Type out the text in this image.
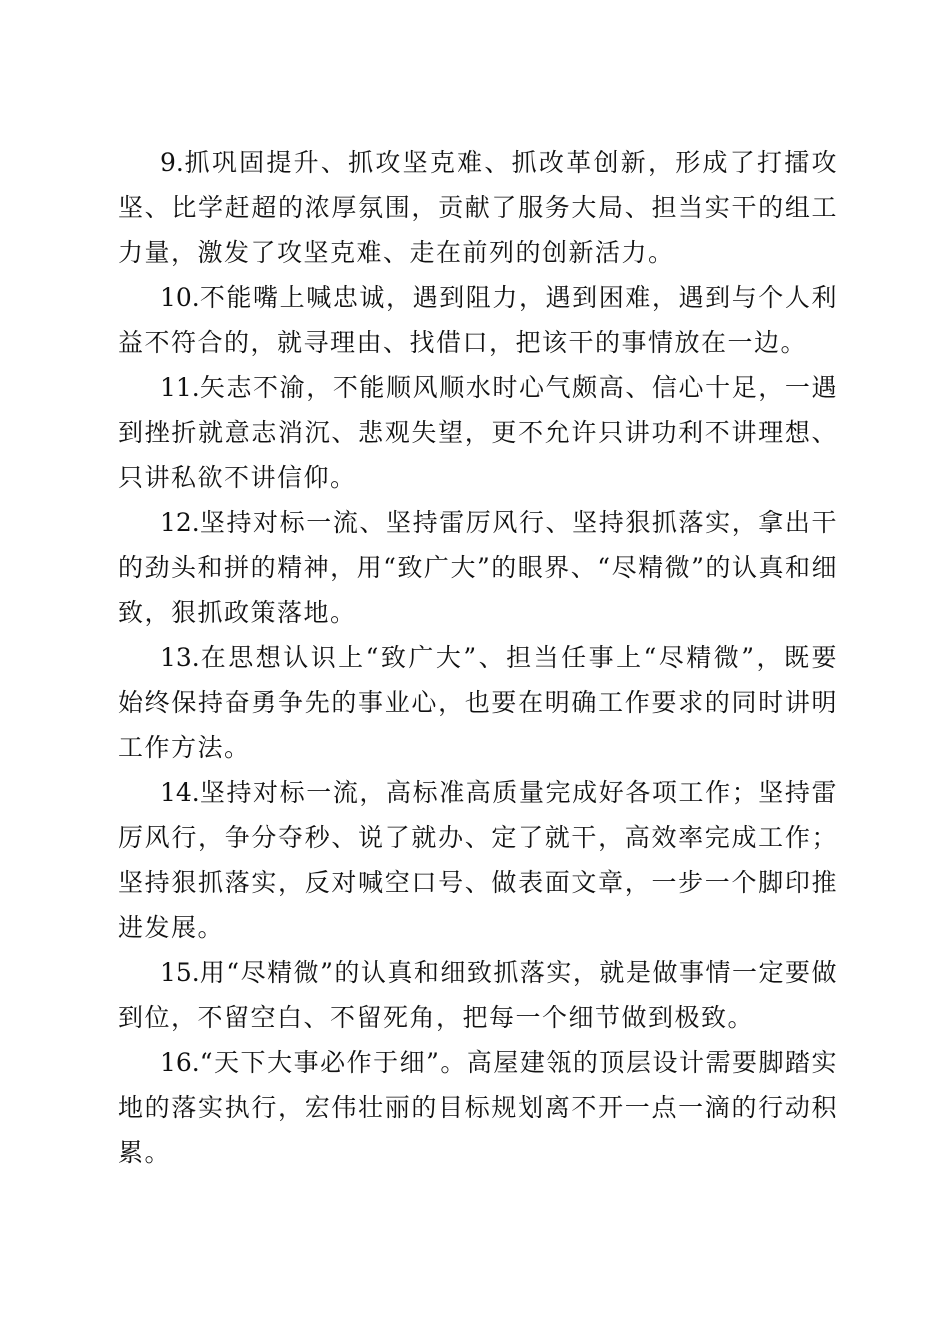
9.抓巩固提升、抓攻坚克难、抓改革创新，形成了打擂攻坚、比学赶超的浓厚氛围，贡献了服务大局、担当实干的组工力量，激发了攻坚克难、走在前列的创新活力。

10.不能嘴上喊忠诚，遇到阻力，遇到困难，遇到与个人利益不符合的，就寻理由、找借口，把该干的事情放在一边。

11.矢志不渝，不能顺风顺水时心气颇高、信心十足，一遇到挫折就意志消沉、悲观失望，更不允许只讲功利不讲理想、只讲私欲不讲信仰。

12.坚持对标一流、坚持雷厉风行、坚持狠抓落实，拿出干的劲头和拼的精神，用“致广大”的眼界、“尽精微”的认真和细致，狠抓政策落地。

13.在思想认识上“致广大”、担当任事上“尽精微”，既要始终保持奋勇争先的事业心，也要在明确工作要求的同时讲明工作方法。

14.坚持对标一流，高标准高质量完成好各项工作；坚持雷厉风行，争分夺秒、说了就办、定了就干，高效率完成工作；坚持狠抓落实，反对喊空口号、做表面文章，一步一个脚印推进发展。

15.用“尽精微”的认真和细致抓落实，就是做事情一定要做到位，不留空白、不留死角，把每一个细节做到极致。

16.“天下大事必作于细”。高屋建瓴的顶层设计需要脚踏实地的落实执行，宏伟壮丽的目标规划离不开一点一滴的行动积累。
